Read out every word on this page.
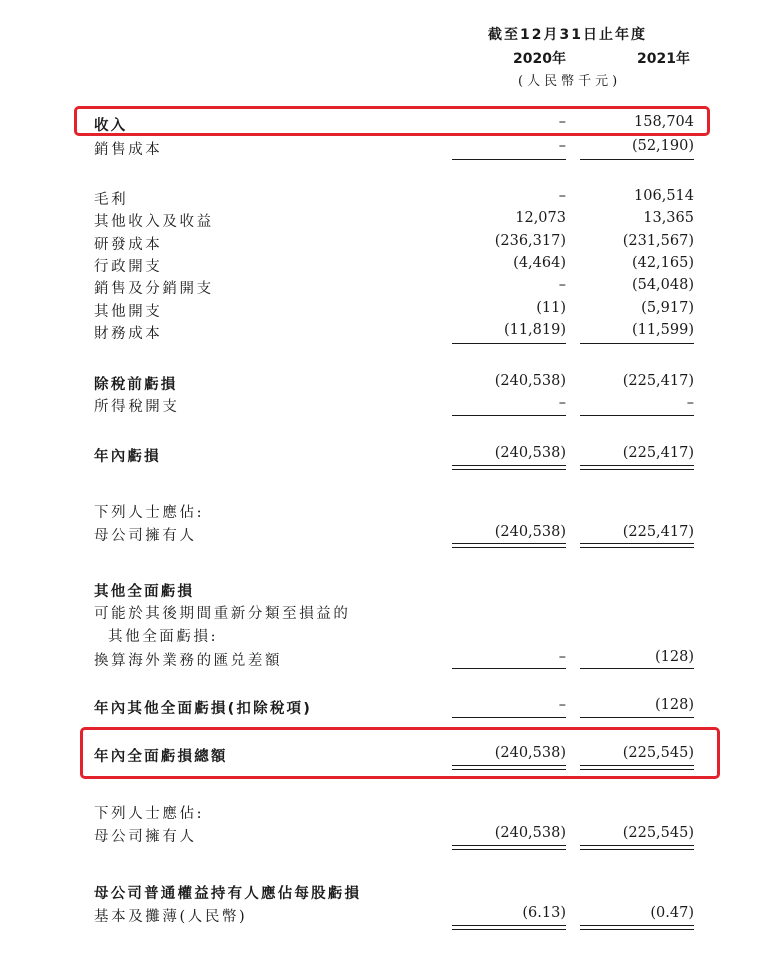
截至12月31日止年度
2020年	2021年
(人民幣千元)
收入	–	158,704
銷售成本	–	(52,190)
毛利	–	106,514
其他收入及收益	12,073	13,365
研發成本	(236,317)	(231,567)
行政開支	(4,464)	(42,165)
銷售及分銷開支	–	(54,048)
其他開支	(11)	(5,917)
財務成本	(11,819)	(11,599)
除稅前虧損	(240,538)	(225,417)
所得稅開支	–	–
年內虧損	(240,538)	(225,417)
下列人士應佔:
母公司擁有人	(240,538)	(225,417)
其他全面虧損
可能於其後期間重新分類至損益的
其他全面虧損:
換算海外業務的匯兑差額	–	(128)
年內其他全面虧損(扣除稅項)	–	(128)
年內全面虧損總額	(240,538)	(225,545)
下列人士應佔:
母公司擁有人	(240,538)	(225,545)
母公司普通權益持有人應佔每股虧損
基本及攤薄(人民幣)	(6.13)	(0.47)
